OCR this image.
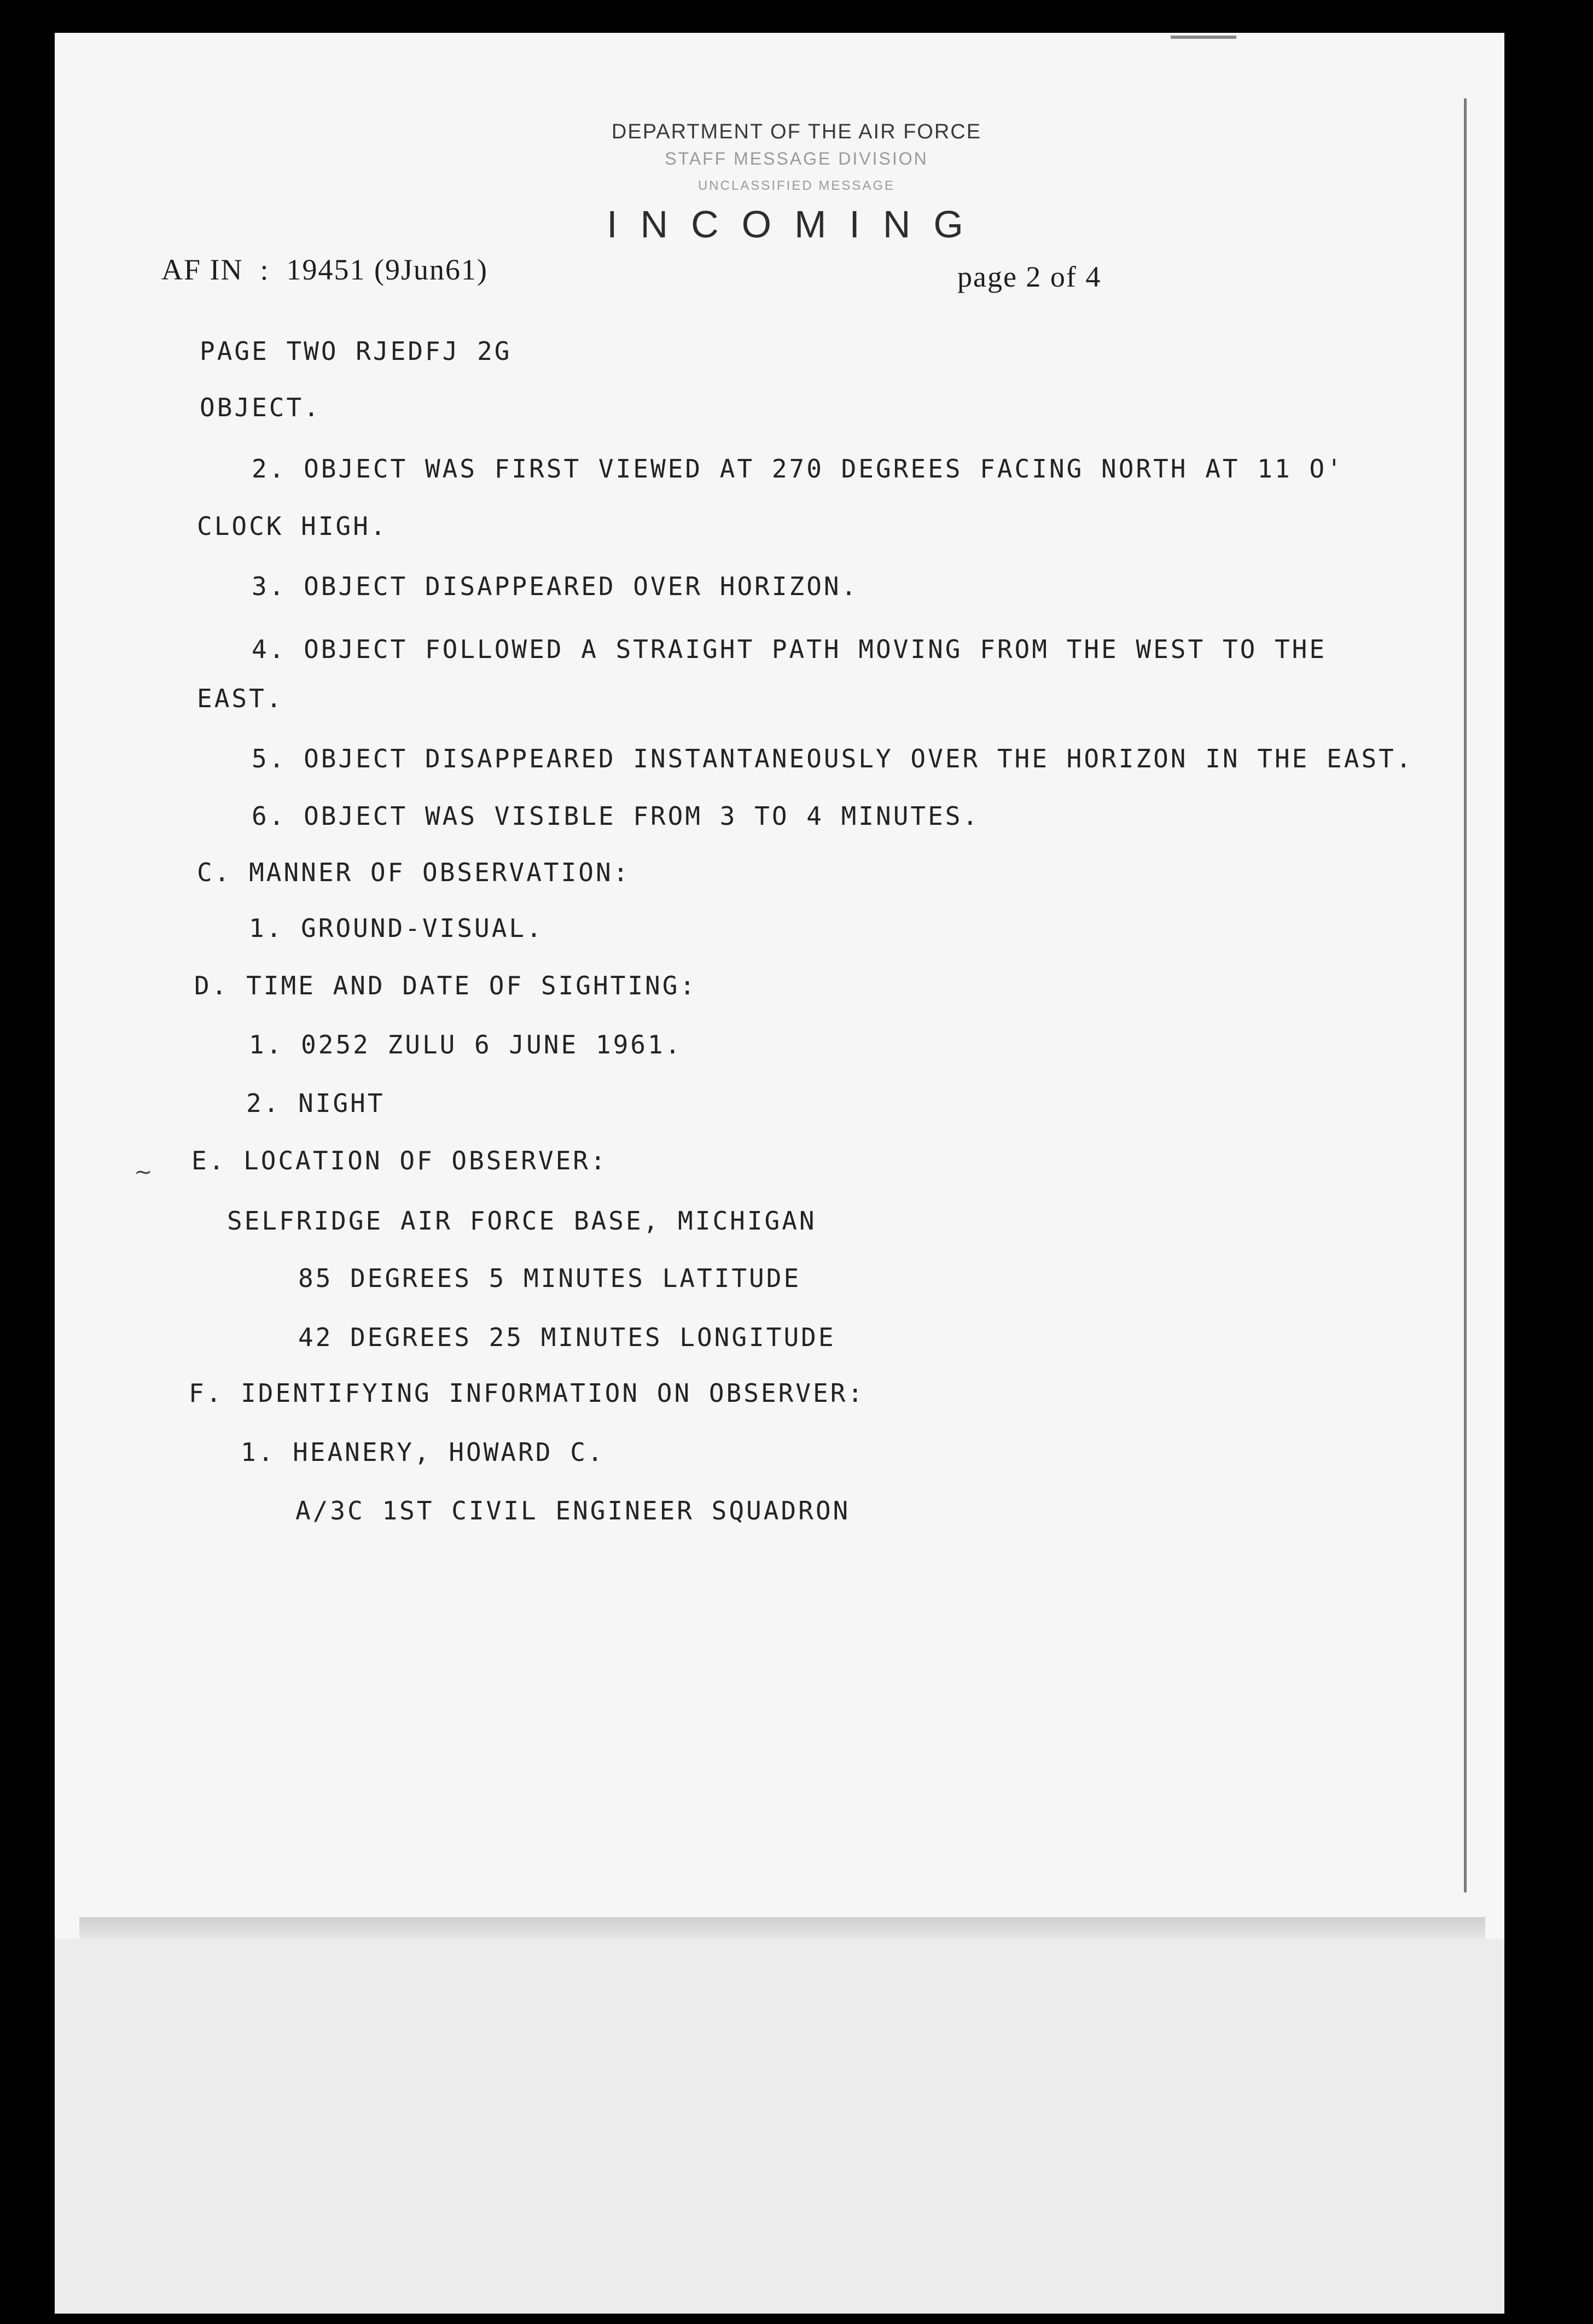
DEPARTMENT OF THE AIR FORCE

STAFF MESSAGE DIVISION

UNCLASSIFIED MESSAGE

INCOMING

AF IN  :  19451 (9Jun61)	page 2 of 4

PAGE TWO RJEDFJ 2G

OBJECT.

2. OBJECT WAS FIRST VIEWED AT 270 DEGREES FACING NORTH AT 11 O'

CLOCK HIGH.

3. OBJECT DISAPPEARED OVER HORIZON.

4. OBJECT FOLLOWED A STRAIGHT PATH MOVING FROM THE WEST TO THE

EAST.

5. OBJECT DISAPPEARED INSTANTANEOUSLY OVER THE HORIZON IN THE EAST.

6. OBJECT WAS VISIBLE FROM 3 TO 4 MINUTES.

C. MANNER OF OBSERVATION:

1. GROUND-VISUAL.

D. TIME AND DATE OF SIGHTING:

1. 0252 ZULU 6 JUNE 1961.

2. NIGHT

~ E. LOCATION OF OBSERVER:

SELFRIDGE AIR FORCE BASE, MICHIGAN

85 DEGREES 5 MINUTES LATITUDE

42 DEGREES 25 MINUTES LONGITUDE

F. IDENTIFYING INFORMATION ON OBSERVER:

1. HEANERY, HOWARD C.

A/3C 1ST CIVIL ENGINEER SQUADRON
